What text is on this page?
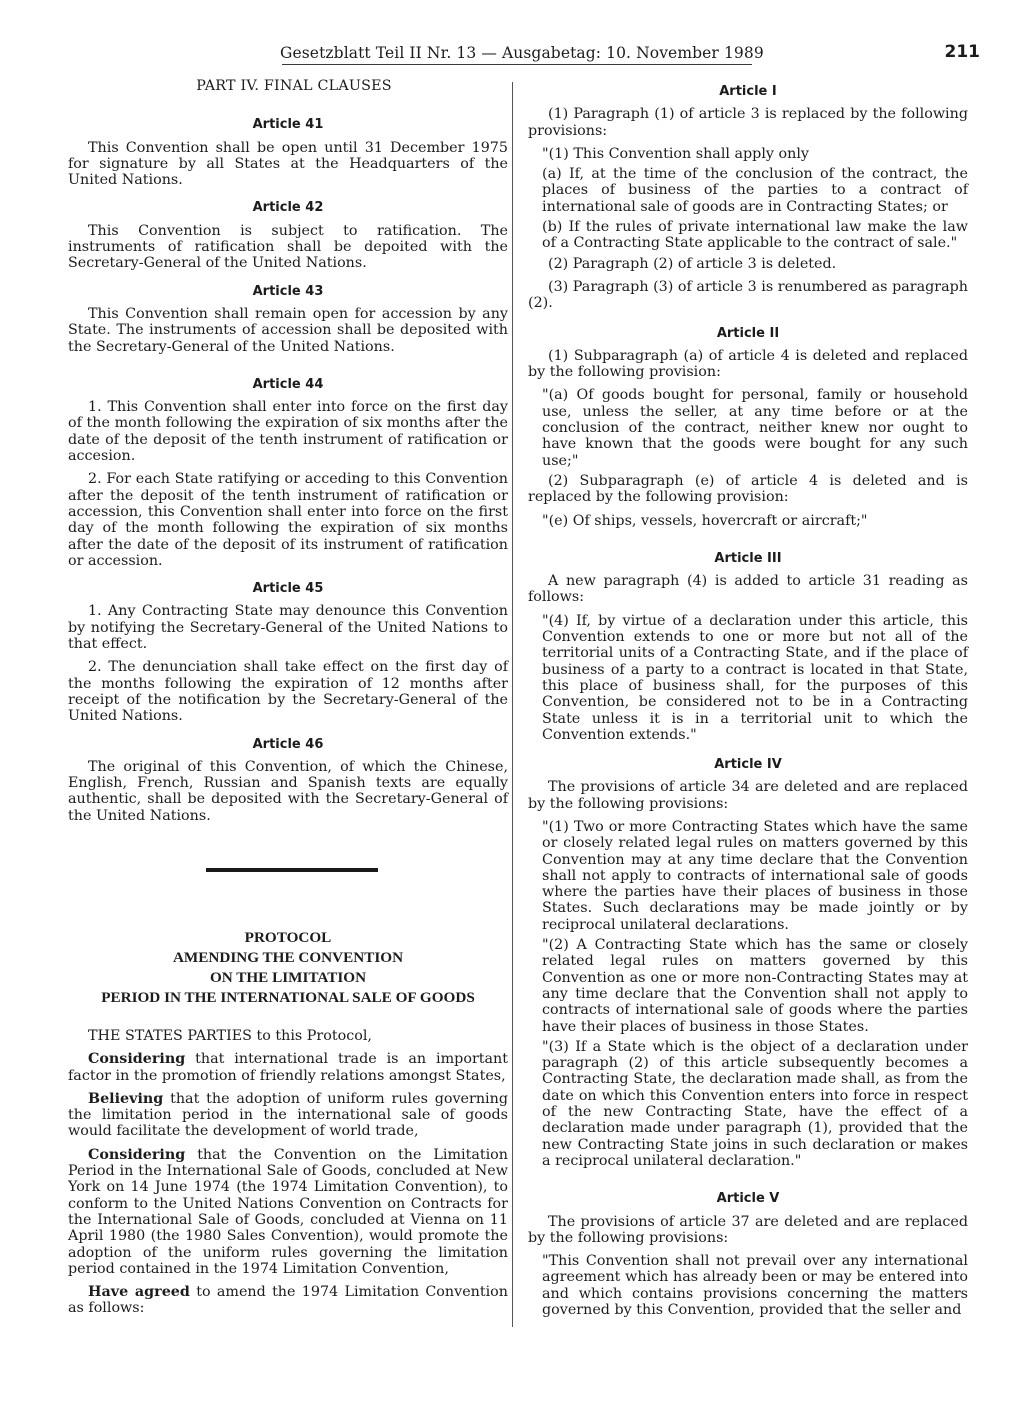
Gesetzblatt Teil II Nr. 13 — Ausgabetag: 10. November 1989	211
PART IV. FINAL CLAUSES
Article 41

This Convention shall be open until 31 December 1975 for signature by all States at the Headquarters of the United Nations.

Article 42

This Convention is subject to ratification. The instruments of ratification shall be depoited with the Secretary-General of the United Nations.

Article 43

This Convention shall remain open for accession by any State. The instruments of accession shall be deposited with the Secretary-General of the United Nations.

Article 44

1. This Convention shall enter into force on the first day of the month following the expiration of six months after the date of the deposit of the tenth instrument of ratification or accesion.

2. For each State ratifying or acceding to this Convention after the deposit of the tenth instrument of ratification or accession, this Convention shall enter into force on the first day of the month following the expiration of six months after the date of the deposit of its instrument of ratification or accession.

Article 45

1. Any Contracting State may denounce this Convention by notifying the Secretary-General of the United Nations to that effect.

2. The denunciation shall take effect on the first day of the months following the expiration of 12 months after receipt of the notification by the Secretary-General of the United Nations.

Article 46

The original of this Convention, of which the Chinese, English, French, Russian and Spanish texts are equally authentic, shall be deposited with the Secretary-General of the United Nations.

PROTOCOL
AMENDING THE CONVENTION
ON THE LIMITATION
PERIOD IN THE INTERNATIONAL SALE OF GOODS

THE STATES PARTIES to this Protocol,

Considering that international trade is an important factor in the promotion of friendly relations amongst States,

Believing that the adoption of uniform rules governing the limitation period in the international sale of goods would facilitate the development of world trade,

Considering that the Convention on the Limitation Period in the International Sale of Goods, concluded at New York on 14 June 1974 (the 1974 Limitation Convention), to conform to the United Nations Convention on Contracts for the International Sale of Goods, concluded at Vienna on 11 April 1980 (the 1980 Sales Convention), would promote the adoption of the uniform rules governing the limitation period contained in the 1974 Limitation Convention,

Have agreed to amend the 1974 Limitation Convention as follows:

Article I

(1) Paragraph (1) of article 3 is replaced by the following provisions:

"(1) This Convention shall apply only

(a) If, at the time of the conclusion of the contract, the places of business of the parties to a contract of international sale of goods are in Contracting States; or

(b) If the rules of private international law make the law of a Contracting State applicable to the contract of sale."

(2) Paragraph (2) of article 3 is deleted.

(3) Paragraph (3) of article 3 is renumbered as paragraph (2).

Article II

(1) Subparagraph (a) of article 4 is deleted and replaced by the following provision:

"(a) Of goods bought for personal, family or household use, unless the seller, at any time before or at the conclusion of the contract, neither knew nor ought to have known that the goods were bought for any such use;"

(2) Subparagraph (e) of article 4 is deleted and is replaced by the following provision:

"(e) Of ships, vessels, hovercraft or aircraft;"

Article III

A new paragraph (4) is added to article 31 reading as follows:

"(4) If, by virtue of a declaration under this article, this Convention extends to one or more but not all of the territorial units of a Contracting State, and if the place of business of a party to a contract is located in that State, this place of business shall, for the purposes of this Convention, be considered not to be in a Contracting State unless it is in a territorial unit to which the Convention extends."

Article IV

The provisions of article 34 are deleted and are replaced by the following provisions:

"(1) Two or more Contracting States which have the same or closely related legal rules on matters governed by this Convention may at any time declare that the Convention shall not apply to contracts of international sale of goods where the parties have their places of business in those States. Such declarations may be made jointly or by reciprocal unilateral declarations.

"(2) A Contracting State which has the same or closely related legal rules on matters governed by this Convention as one or more non-Contracting States may at any time declare that the Convention shall not apply to contracts of international sale of goods where the parties have their places of business in those States.

"(3) If a State which is the object of a declaration under paragraph (2) of this article subsequently becomes a Contracting State, the declaration made shall, as from the date on which this Convention enters into force in respect of the new Contracting State, have the effect of a declaration made under paragraph (1), provided that the new Contracting State joins in such declaration or makes a reciprocal unilateral declaration."

Article V

The provisions of article 37 are deleted and are replaced by the following provisions:

"This Convention shall not prevail over any international agreement which has already been or may be entered into and which contains provisions concerning the matters governed by this Convention, provided that the seller and
